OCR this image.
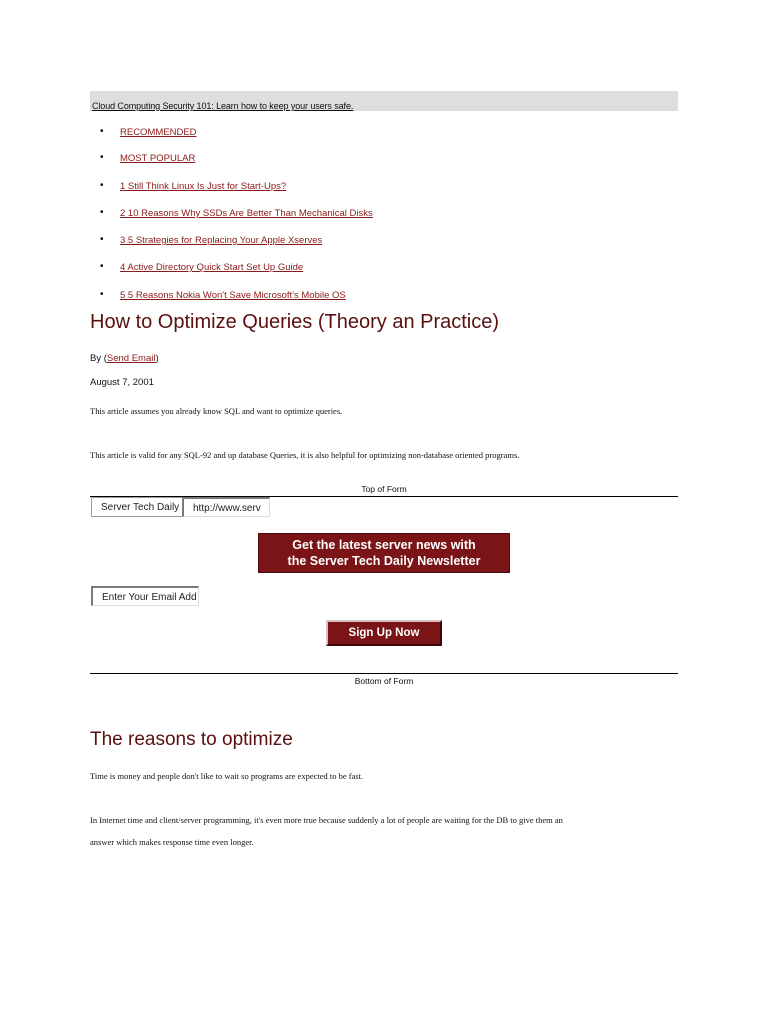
Cloud Computing Security 101: Learn how to keep your users safe.
• RECOMMENDED
• MOST POPULAR
• 1 Still Think Linux Is Just for Start-Ups?
• 2 10 Reasons Why SSDs Are Better Than Mechanical Disks
• 3 5 Strategies for Replacing Your Apple Xserves
• 4 Active Directory Quick Start Set Up Guide
• 5 5 Reasons Nokia Won't Save Microsoft's Mobile OS
How to Optimize Queries (Theory an Practice)
By (Send Email)
August 7, 2001

This article assumes you already know SQL and want to optimize queries.

This article is valid for any SQL-92 and up database Queries, it is also helpful for optimizing non-database oriented programs.

Top of Form
Server Tech Daily	http://www.serv
Get the latest server news with
the Server Tech Daily Newsletter
Enter Your Email Add
Sign Up Now
Bottom of Form
The reasons to optimize

Time is money and people don't like to wait so programs are expected to be fast.

In Internet time and client/server programming, it's even more true because suddenly a lot of people are waiting for the DB to give them an

answer which makes response time even longer.
